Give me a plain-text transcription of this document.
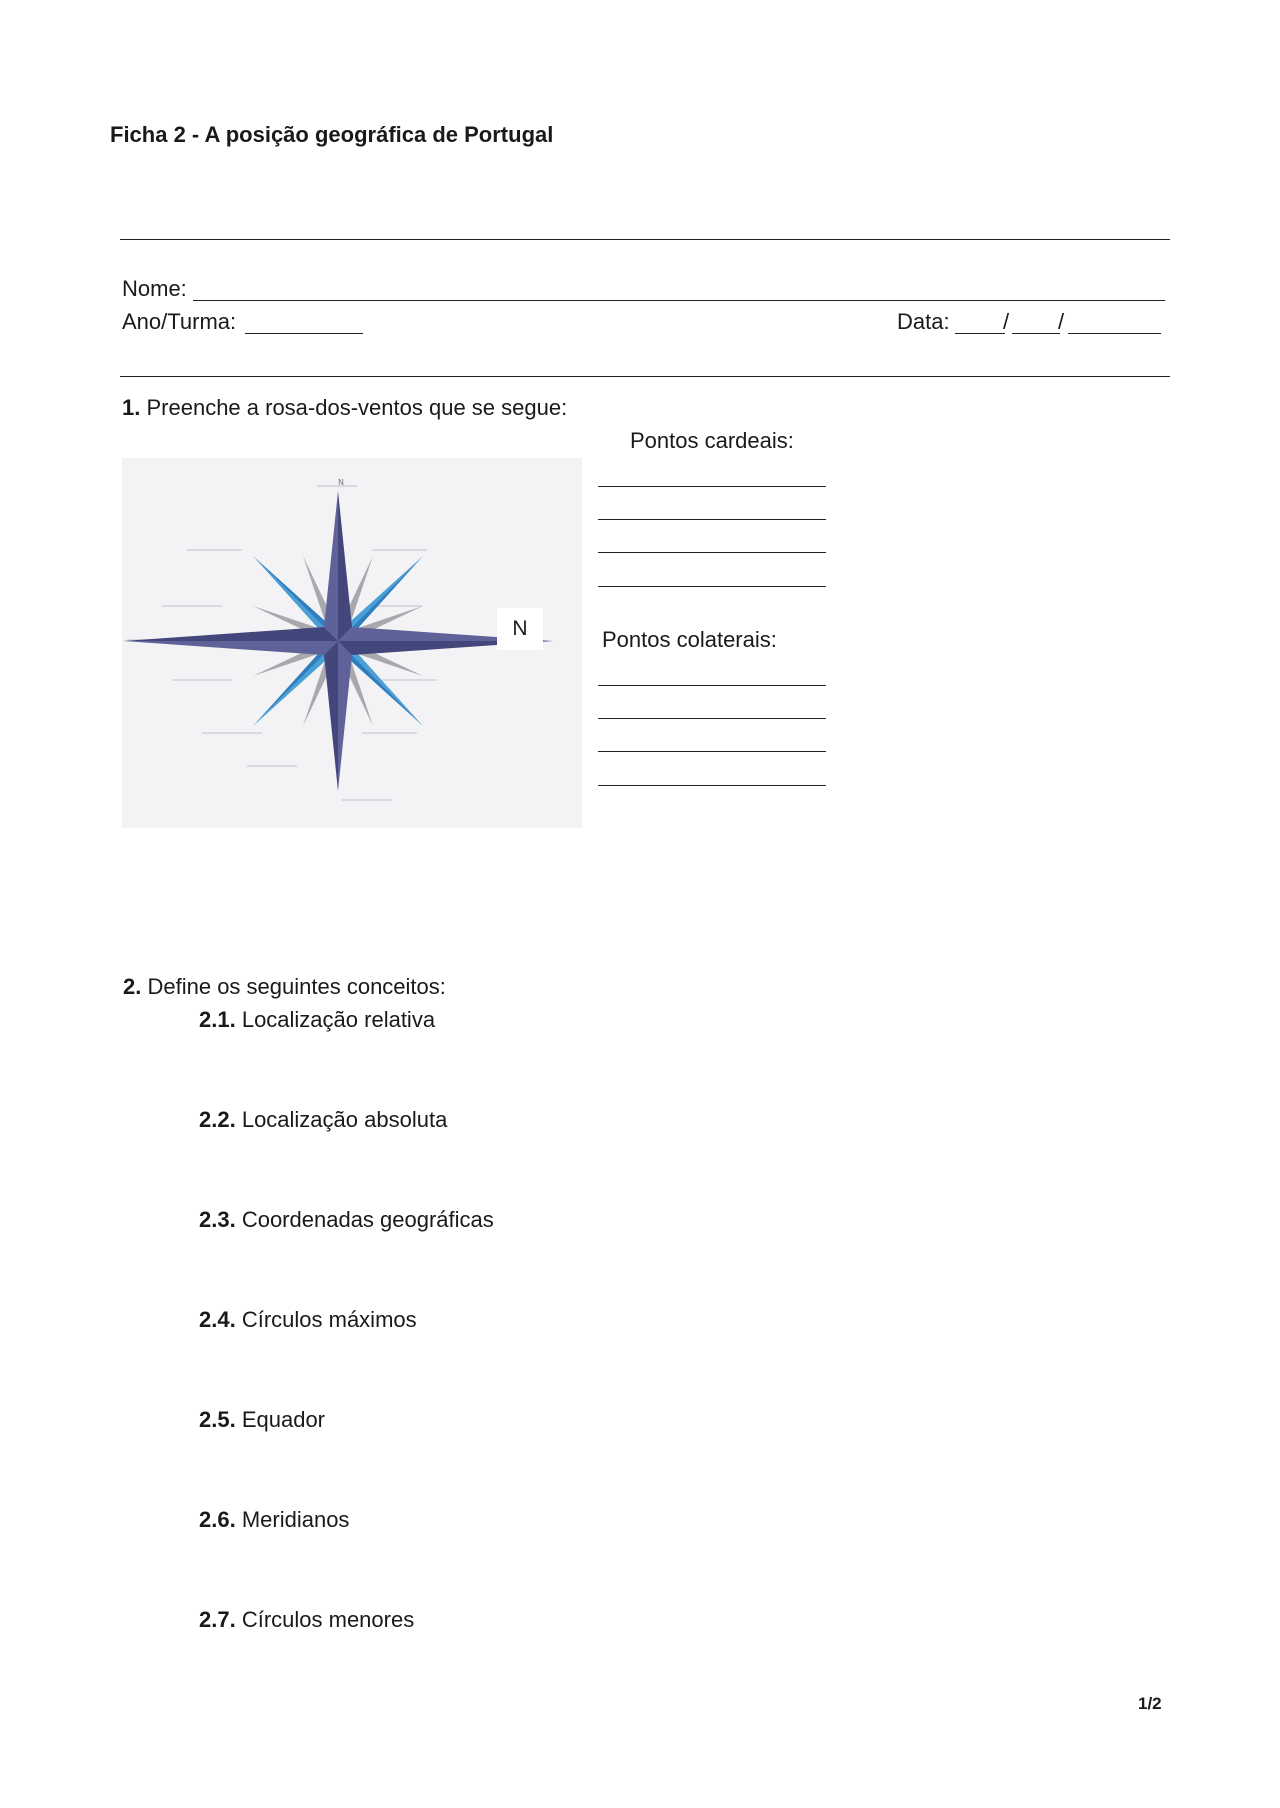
Ficha 2 - A posição geográfica de Portugal
Nome:
Ano/Turma:	Data: / /
1. Preenche a rosa-dos-ventos que se segue:
N
N
Pontos cardeais:
Pontos colaterais:
2. Define os seguintes conceitos:
2.1. Localização relativa
2.2. Localização absoluta
2.3. Coordenadas geográficas
2.4. Círculos máximos
2.5. Equador
2.6. Meridianos
2.7. Círculos menores
1/2
